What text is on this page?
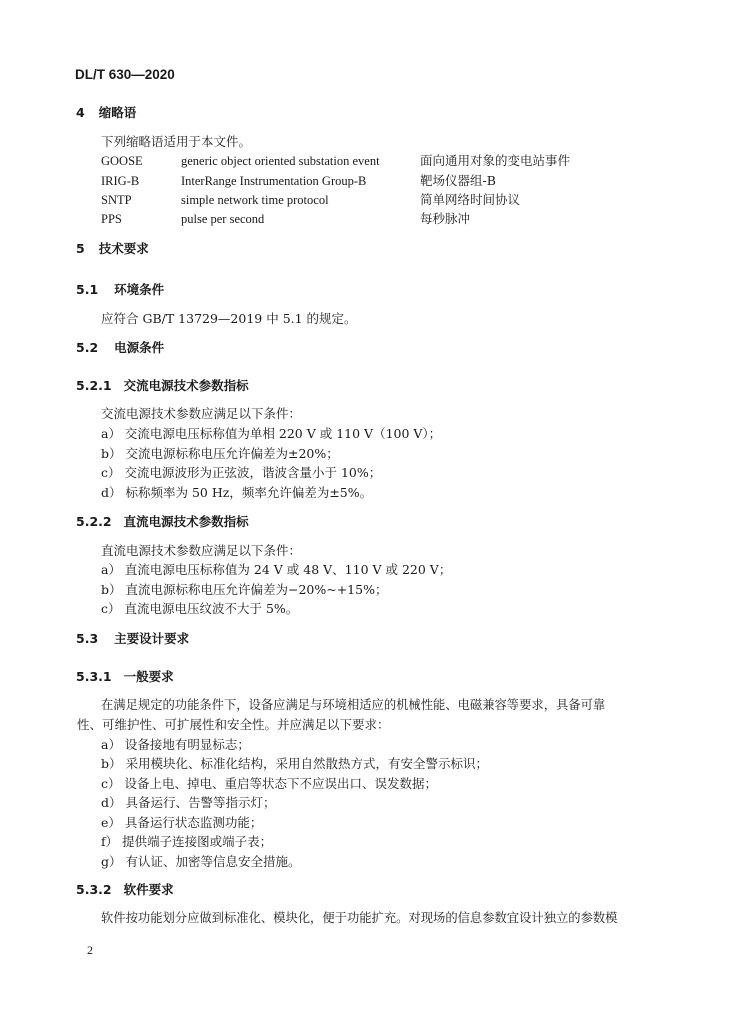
DL/T 630—2020
4 缩略语
下列缩略语适用于本文件。
GOOSE	generic object oriented substation event	面向通用对象的变电站事件
IRIG-B	InterRange Instrumentation Group-B	靶场仪器组-B
SNTP	simple network time protocol	简单网络时间协议
PPS	pulse per second	每秒脉冲
5 技术要求
5.1 环境条件
应符合 GB/T 13729—2019 中 5.1 的规定。
5.2 电源条件
5.2.1 交流电源技术参数指标
交流电源技术参数应满足以下条件：
a） 交流电源电压标称值为单相 220 V 或 110 V（100 V）；
b） 交流电源标称电压允许偏差为±20%；
c） 交流电源波形为正弦波，谐波含量小于 10%；
d） 标称频率为 50 Hz，频率允许偏差为±5%。
5.2.2 直流电源技术参数指标
直流电源技术参数应满足以下条件：
a） 直流电源电压标称值为 24 V 或 48 V、110 V 或 220 V；
b） 直流电源标称电压允许偏差为−20%~+15%；
c） 直流电源电压纹波不大于 5%。
5.3 主要设计要求
5.3.1 一般要求
在满足规定的功能条件下，设备应满足与环境相适应的机械性能、电磁兼容等要求，具备可靠
性、可维护性、可扩展性和安全性。并应满足以下要求：
a） 设备接地有明显标志；
b） 采用模块化、标准化结构，采用自然散热方式，有安全警示标识；
c） 设备上电、掉电、重启等状态下不应误出口、误发数据；
d） 具备运行、告警等指示灯；
e） 具备运行状态监测功能；
f） 提供端子连接图或端子表；
g） 有认证、加密等信息安全措施。
5.3.2 软件要求
软件按功能划分应做到标准化、模块化，便于功能扩充。对现场的信息参数宜设计独立的参数模
2
